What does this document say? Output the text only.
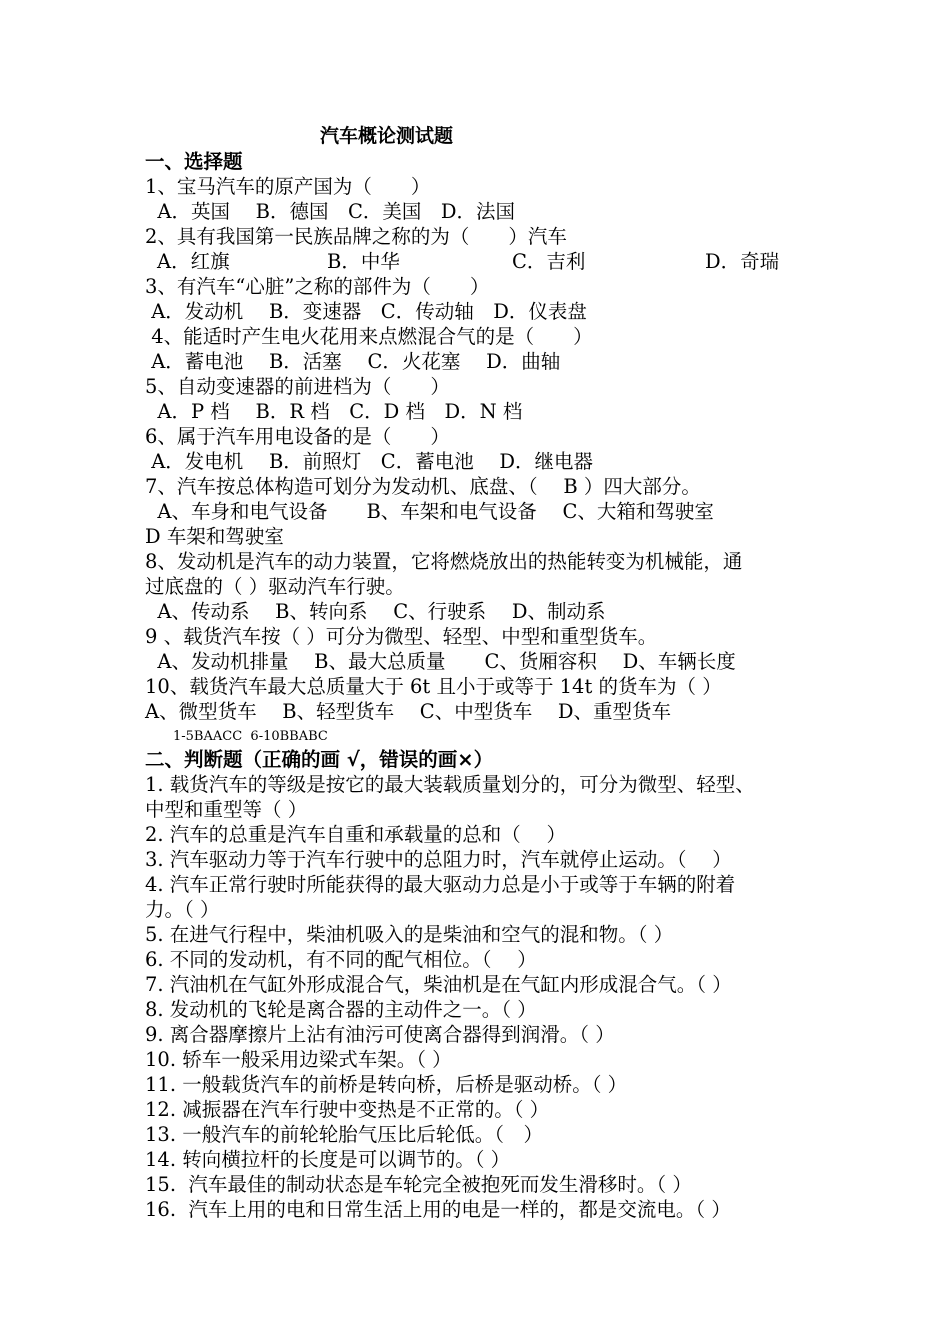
汽车概论测试题
一、选择题
1、宝马汽车的原产国为（　　）
A．英国　 B．德国　C．美国　D．法国
2、具有我国第一民族品牌之称的为（　　）汽车
A．红旗	B．中华	C．吉利	D．奇瑞
3、有汽车“心脏”之称的部件为（　　）
A．发动机　 B．变速器　C．传动轴　D．仪表盘
4、能适时产生电火花用来点燃混合气的是（　　）
A．蓄电池　 B．活塞　 C．火花塞　 D．曲轴
5、自动变速器的前进档为（　　）
A．P 档　 B．R 档　C．D 档　D．N 档
6、属于汽车用电设备的是（　　）
A．发电机　 B．前照灯　C．蓄电池　 D．继电器
7、汽车按总体构造可划分为发动机、底盘、（　 B ）四大部分。
A、车身和电气设备　　B、车架和电气设备　 C、大箱和驾驶室
D 车架和驾驶室
8、发动机是汽车的动力装置，它将燃烧放出的热能转变为机械能，通
过底盘的（ ）驱动汽车行驶。
A、传动系　 B、转向系　 C、行驶系　 D、制动系
9 、载货汽车按（ ）可分为微型、轻型、中型和重型货车。
A、发动机排量　 B、最大总质量　　C、货厢容积　 D、车辆长度
10、载货汽车最大总质量大于 6t 且小于或等于 14t 的货车为（ ）
A、微型货车　 B、轻型货车　 C、中型货车　 D、重型货车
1-5BAACC  6-10BBABC
二、判断题（正确的画 √，错误的画×）
1. 载货汽车的等级是按它的最大装载质量划分的，可分为微型、轻型、
中型和重型等（ ）
2. 汽车的总重是汽车自重和承载量的总和（　 ）
3. 汽车驱动力等于汽车行驶中的总阻力时，汽车就停止运动。（　 ）
4. 汽车正常行驶时所能获得的最大驱动力总是小于或等于车辆的附着
力。（ ）
5. 在进气行程中，柴油机吸入的是柴油和空气的混和物。（ ）
6. 不同的发动机，有不同的配气相位。（　 ）
7. 汽油机在气缸外形成混合气，柴油机是在气缸内形成混合气。（ ）
8. 发动机的飞轮是离合器的主动件之一。（ ）
9. 离合器摩擦片上沾有油污可使离合器得到润滑。（ ）
10. 轿车一般采用边梁式车架。（ ）
11. 一般载货汽车的前桥是转向桥，后桥是驱动桥。（ ）
12. 减振器在汽车行驶中变热是不正常的。（ ）
13. 一般汽车的前轮轮胎气压比后轮低。（　）
14. 转向横拉杆的长度是可以调节的。（ ）
15.  汽车最佳的制动状态是车轮完全被抱死而发生滑移时。（ ）
16.  汽车上用的电和日常生活上用的电是一样的，都是交流电。（ ）
